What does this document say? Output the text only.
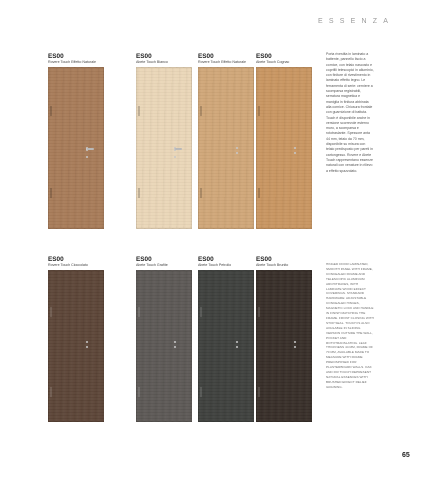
ESSENZA
ES00
Rovere Touch Effetto Naturale
ES00
Abete Touch Bianco
ES00
Rovere Touch Effetto Naturale
ES00
Abete Touch Cognac
ES00
Rovere Touch Cioccolato
ES00
Abete Touch Grafite
ES00
Abete Touch Petrolio
ES00
Abete Touch Brunito
Porta rivestita in laminato a battente, pannello liscio a cornice, con telaio nascosto e coprifili telescopici in alluminio, con finiture di rivestimento in laminato effetto legno. Le ferramenta di serie: cerniere a scomparsa registrabili, serratura magnetica e maniglia in finitura abbinata alla cornice. Chiusura frontale con guarnizione di battuta. Touch è disponibile anche in versione scorrevole esterno muro, a scomparsa e rototraslante. Spessore anta 44 mm, telaio da 70 mm, disponibile su misura con telaio predisposto per pareti in cartongesso. Rovere e Abete Touch rappresentano essenze naturali con venature in rilievo a effetto spazzolato.
HINGED DOOR LAMINATED, SMOOTH PANEL WITH FRAME, CONCEALED FRAME AND TELESCOPIC ALUMINIUM ARCHITRAVES, WITH LAMINATE WOOD EFFECT COVERINGS. STANDARD HARDWARE: ADJUSTABLE CONCEALED HINGES, MAGNETIC LOCK AND HANDLE IN FINISH MATCHING THE FRAME. FRONT CLOSING WITH STOP SEAL. TOUCH IS ALSO AVAILABLE IN SLIDING VERSION OUTSIDE THE WALL, POCKET AND ROTOTRANSLATING. LEAF THICKNESS 44 MM, FRAME OF 70 MM, AVAILABLE MADE TO MEASURE WITH FRAME PREDISPOSED FOR PLASTERBOARD WALLS. OAK AND FIR TOUCH REPRESENT NATURAL ESSENCES WITH BRUSHED EFFECT RELIEF GRAINING.
65
